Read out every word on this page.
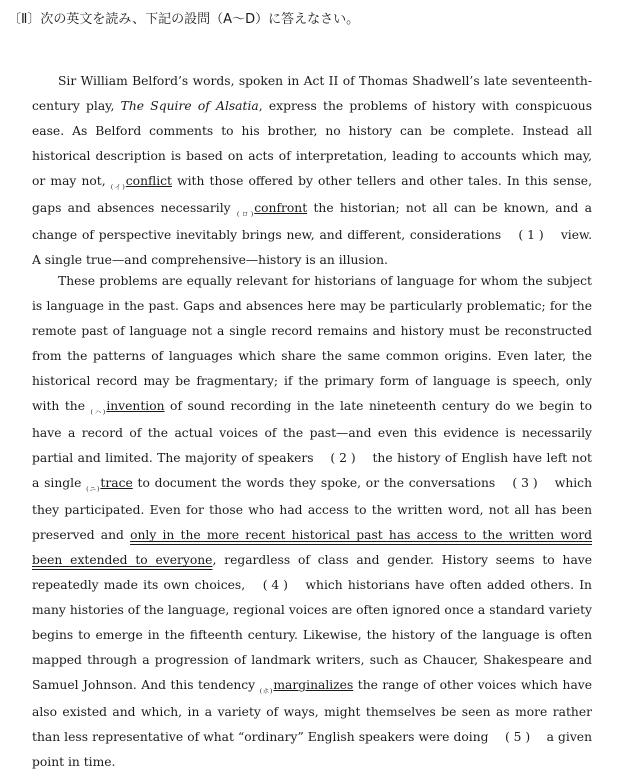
〔Ⅱ〕次の英文を読み、下記の設問（A～D）に答えなさい。

Sir William Belford’s words, spoken in Act II of Thomas Shadwell’s late seventeenth-century play, The Squire of Alsatia, express the problems of history with conspicuous ease. As Belford comments to his brother, no history can be complete. Instead all historical description is based on acts of interpretation, leading to accounts which may, or may not, $_{(イ)}$conflict with those offered by other tellers and other tales. In this sense, gaps and absences necessarily $_{(ロ)}$confront the historian; not all can be known, and a change of perspective inevitably brings new, and different, considerations ( 1 ) view. A single true—and comprehensive—history is an illusion.

These problems are equally relevant for historians of language for whom the subject is language in the past. Gaps and absences here may be particularly problematic; for the remote past of language not a single record remains and history must be reconstructed from the patterns of languages which share the same common origins. Even later, the historical record may be fragmentary; if the primary form of language is speech, only with the $_{(ハ)}$invention of sound recording in the late nineteenth century do we begin to have a record of the actual voices of the past—and even this evidence is necessarily partial and limited. The majority of speakers ( 2 ) the history of English have left not a single $_{(ニ)}$trace to document the words they spoke, or the conversations ( 3 ) which they participated. Even for those who had access to the written word, not all has been preserved and only in the more recent historical past has access to the written word been extended to everyone, regardless of class and gender. History seems to have repeatedly made its own choices, ( 4 ) which historians have often added others. In many histories of the language, regional voices are often ignored once a standard variety begins to emerge in the fifteenth century. Likewise, the history of the language is often mapped through a progression of landmark writers, such as Chaucer, Shakespeare and Samuel Johnson. And this tendency $_{(ホ)}$marginalizes the range of other voices which have also existed and which, in a variety of ways, might themselves be seen as more rather than less representative of what “ordinary” English speakers were doing ( 5 ) a given point in time.
